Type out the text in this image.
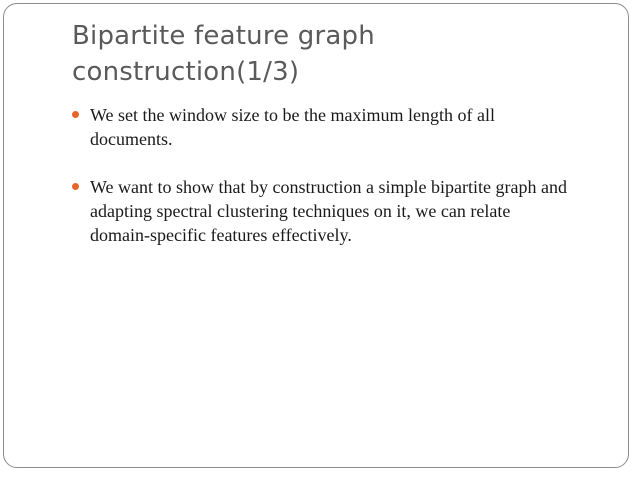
Bipartite feature graph
construction(1/3)
We set the window size to be the maximum length of all documents.
We want to show that by construction a simple bipartite graph and adapting spectral clustering techniques on it, we can relate domain-specific features effectively.
